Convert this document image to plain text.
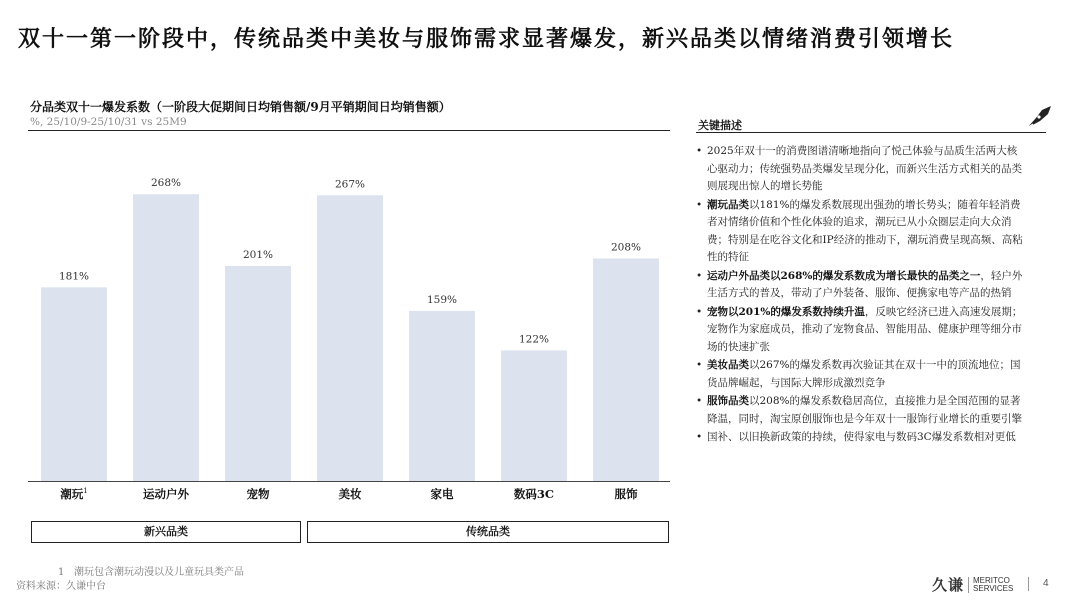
双十一第一阶段中，传统品类中美妆与服饰需求显著爆发，新兴品类以情绪消费引领增长
分品类双十一爆发系数（一阶段大促期间日均销售额/9月平销期间日均销售额）
%, 25/10/9-25/10/31 vs 25M9
181%
潮玩$^1$
268%
运动户外
201%
宠物
267%
美妆
159%
家电
122%
数码3C
208%
服饰
新兴品类	传统品类
1 潮玩包含潮玩动漫以及儿童玩具类产品
资料来源：久谦中台
关键描述
• 2025年双十一的消费图谱清晰地指向了悦己体验与品质生活两大核心驱动力；传统强势品类爆发呈现分化，而新兴生活方式相关的品类则展现出惊人的增长势能
• 潮玩品类以181%的爆发系数展现出强劲的增长势头；随着年轻消费者对情绪价值和个性化体验的追求，潮玩已从小众圈层走向大众消费；特别是在吃谷文化和IP经济的推动下，潮玩消费呈现高频、高粘性的特征
• 运动户外品类以268%的爆发系数成为增长最快的品类之一，轻户外生活方式的普及，带动了户外装备、服饰、便携家电等产品的热销
• 宠物以201%的爆发系数持续升温，反映它经济已进入高速发展期；宠物作为家庭成员，推动了宠物食品、智能用品、健康护理等细分市场的快速扩张
• 美妆品类以267%的爆发系数再次验证其在双十一中的顶流地位；国货品牌崛起，与国际大牌形成激烈竞争
• 服饰品类以208%的爆发系数稳居高位，直接推力是全国范围的显著降温，同时，淘宝原创服饰也是今年双十一服饰行业增长的重要引擎
• 国补、以旧换新政策的持续，使得家电与数码3C爆发系数相对更低
久谦 MERITCO
SERVICES	4
